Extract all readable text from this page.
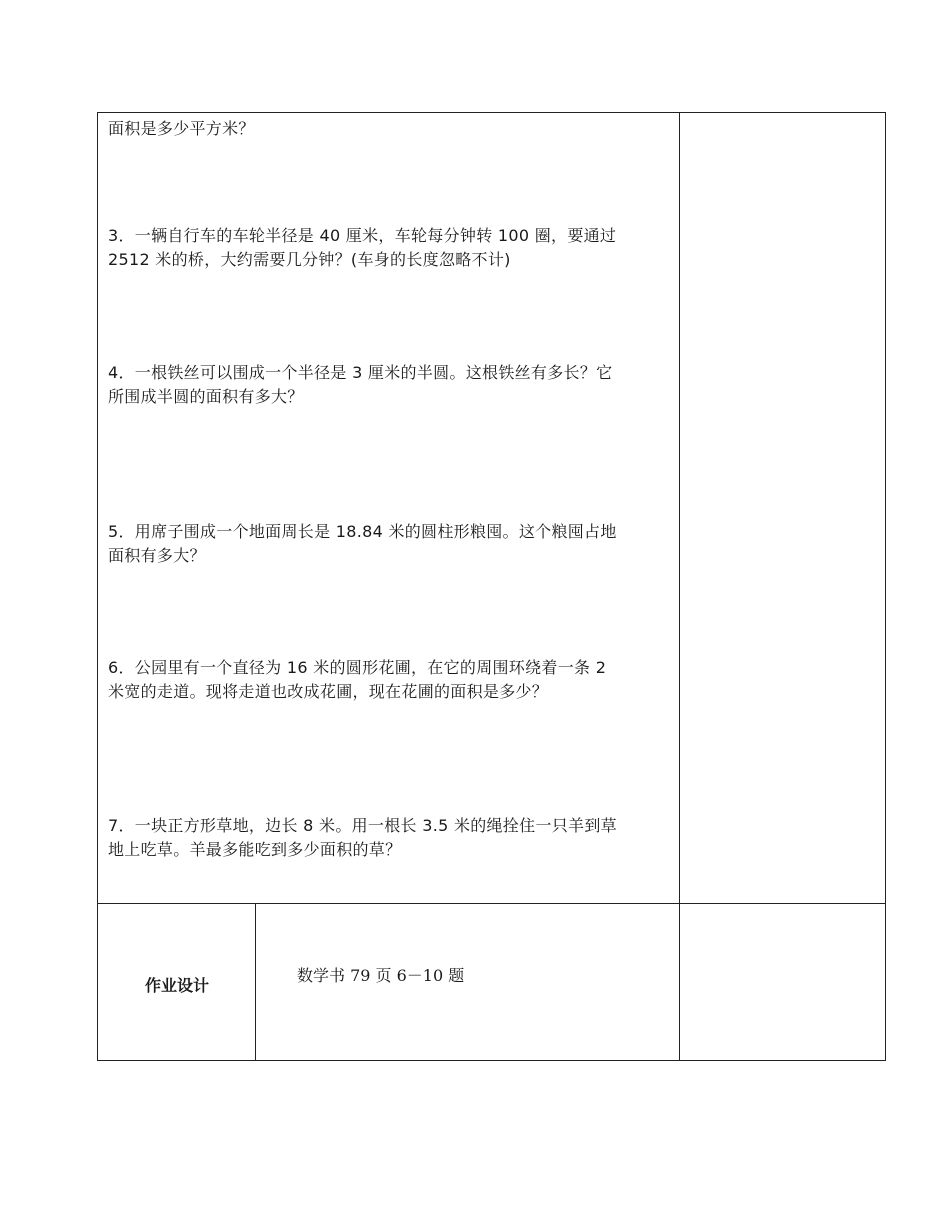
面积是多少平方米？
3．一辆自行车的车轮半径是 40 厘米，车轮每分钟转 100 圈，要通过
2512 米的桥，大约需要几分钟？(车身的长度忽略不计)
4．一根铁丝可以围成一个半径是 3 厘米的半圆。这根铁丝有多长？它
所围成半圆的面积有多大？
5．用席子围成一个地面周长是 18.84 米的圆柱形粮囤。这个粮囤占地
面积有多大？
6．公园里有一个直径为 16 米的圆形花圃，在它的周围环绕着一条 2
米宽的走道。现将走道也改成花圃，现在花圃的面积是多少？
7．一块正方形草地，边长 8 米。用一根长 3.5 米的绳拴住一只羊到草
地上吃草。羊最多能吃到多少面积的草？
作业设计
数学书 79 页 6－10 题
